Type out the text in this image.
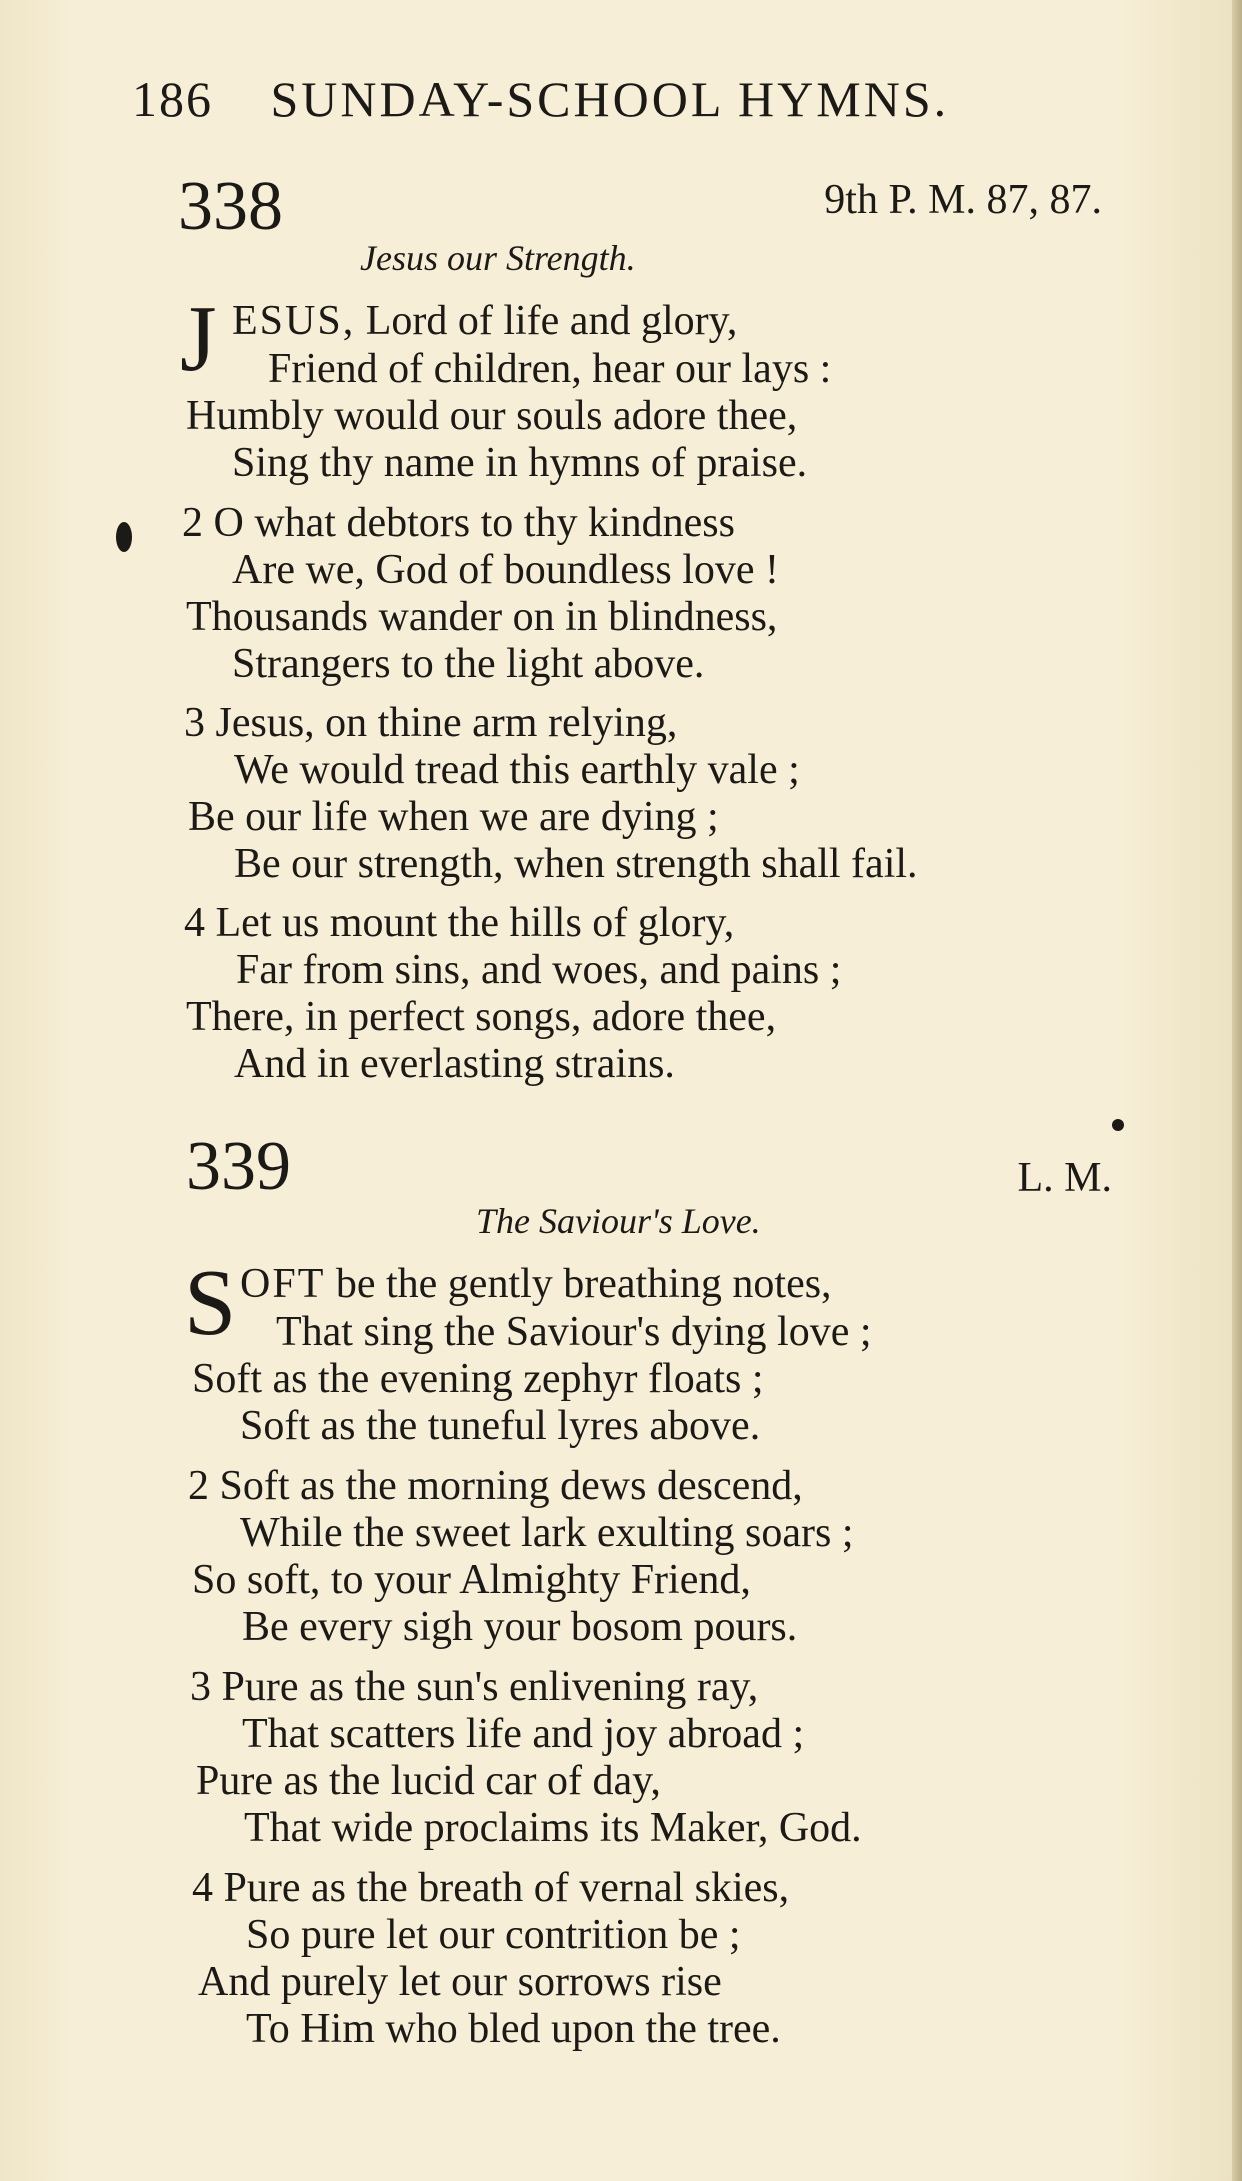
186 SUNDAY-SCHOOL HYMNS.
338	9th P. M. 87, 87.
Jesus our Strength.
J ESUS, Lord of life and glory,
Friend of children, hear our lays :
Humbly would our souls adore thee,
Sing thy name in hymns of praise.
2 O what debtors to thy kindness
Are we, God of boundless love !
Thousands wander on in blindness,
Strangers to the light above.
3 Jesus, on thine arm relying,
We would tread this earthly vale ;
Be our life when we are dying ;
Be our strength, when strength shall fail.
4 Let us mount the hills of glory,
Far from sins, and woes, and pains ;
There, in perfect songs, adore thee,
And in everlasting strains.
339	L. M.
The Saviour's Love.
S OFT be the gently breathing notes,
That sing the Saviour's dying love ;
Soft as the evening zephyr floats ;
Soft as the tuneful lyres above.
2 Soft as the morning dews descend,
While the sweet lark exulting soars ;
So soft, to your Almighty Friend,
Be every sigh your bosom pours.
3 Pure as the sun's enlivening ray,
That scatters life and joy abroad ;
Pure as the lucid car of day,
That wide proclaims its Maker, God.
4 Pure as the breath of vernal skies,
So pure let our contrition be ;
And purely let our sorrows rise
To Him who bled upon the tree.
